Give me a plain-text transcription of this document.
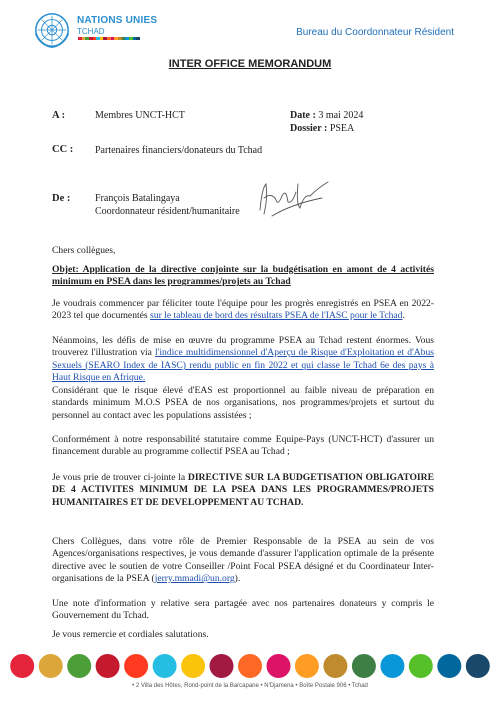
NATIONS UNIES
TCHAD	Bureau du Coordonnateur Résident
INTER OFFICE MEMORANDUM
A :	Membres UNCT-HCT	Date : 3 mai 2024
Dossier : PSEA
CC : Partenaires financiers/donateurs du Tchad
De : François Batalingaya
Coordonnateur résident/humanitaire
Chers collègues,
Objet: Application de la directive conjointe sur la budgétisation en amont de 4 activités minimum en PSEA dans les programmes/projets au Tchad
Je voudrais commencer par féliciter toute l'équipe pour les progrès enregistrés en PSEA en 2022-2023 tel que documentés sur le tableau de bord des résultats PSEA de l'IASC pour le Tchad.
Néanmoins, les défis de mise en œuvre du programme PSEA au Tchad restent énormes. Vous trouverez l'illustration via l'indice multidimensionnel d'Aperçu de Risque d'Exploitation et d'Abus Sexuels (SEARO Index de IASC) rendu public en fin 2022 et qui classe le Tchad 6e des pays à Haut Risque en Afrique.
Considérant que le risque élevé d'EAS est proportionnel au faible niveau de préparation en standards minimum M.O.S PSEA de nos organisations, nos programmes/projets et surtout du personnel au contact avec les populations assistées ;
Conformément à notre responsabilité statutaire comme Equipe-Pays (UNCT-HCT) d'assurer un financement durable au programme collectif PSEA au Tchad ;
Je vous prie de trouver ci-jointe la DIRECTIVE SUR LA BUDGETISATION OBLIGATOIRE DE 4 ACTIVITES MINIMUM DE LA PSEA DANS LES PROGRAMMES/PROJETS HUMANITAIRES ET DE DEVELOPPEMENT AU TCHAD.
Chers Collègues, dans votre rôle de Premier Responsable de la PSEA au sein de vos Agences/organisations respectives, je vous demande d'assurer l'application optimale de la présente directive avec le soutien de votre Conseiller /Point Focal PSEA désigné et du Coordinateur Inter-organisations de la PSEA (jerry.mmadi@un.org).
Une note d'information y relative sera partagée avec nos partenaires donateurs y compris le Gouvernement du Tchad.
Je vous remercie et cordiales salutations.
• 2 Villa des Hôtes, Rond-point de la Barcapane • N'Djamena • Boîte Postale 906 • Tchad
